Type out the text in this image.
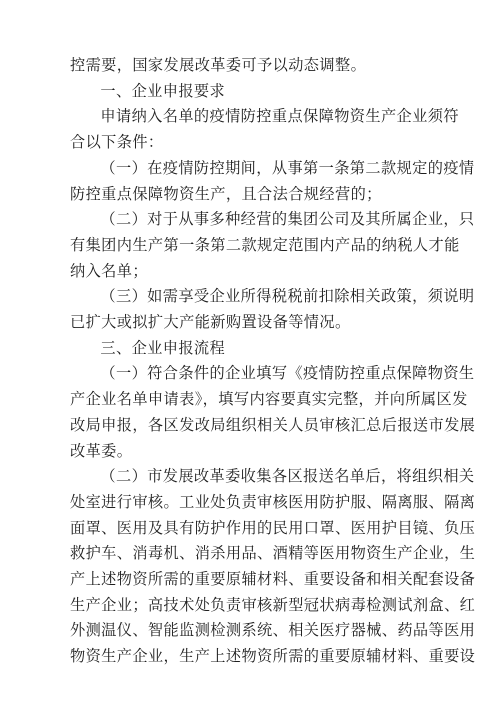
控需要，国家发展改革委可予以动态调整。
一、企业申报要求
申请纳入名单的疫情防控重点保障物资生产企业须符
合以下条件：
（一）在疫情防控期间，从事第一条第二款规定的疫情
防控重点保障物资生产，且合法合规经营的；
（二）对于从事多种经营的集团公司及其所属企业，只
有集团内生产第一条第二款规定范围内产品的纳税人才能
纳入名单；
（三）如需享受企业所得税税前扣除相关政策，须说明
已扩大或拟扩大产能新购置设备等情况。
三、企业申报流程
（一）符合条件的企业填写《疫情防控重点保障物资生
产企业名单申请表》，填写内容要真实完整，并向所属区发
改局申报，各区发改局组织相关人员审核汇总后报送市发展
改革委。
（二）市发展改革委收集各区报送名单后，将组织相关
处室进行审核。工业处负责审核医用防护服、隔离服、隔离
面罩、医用及具有防护作用的民用口罩、医用护目镜、负压
救护车、消毒机、消杀用品、酒精等医用物资生产企业，生
产上述物资所需的重要原辅材料、重要设备和相关配套设备
生产企业；高技术处负责审核新型冠状病毒检测试剂盒、红
外测温仪、智能监测检测系统、相关医疗器械、药品等医用
物资生产企业，生产上述物资所需的重要原辅材料、重要设
